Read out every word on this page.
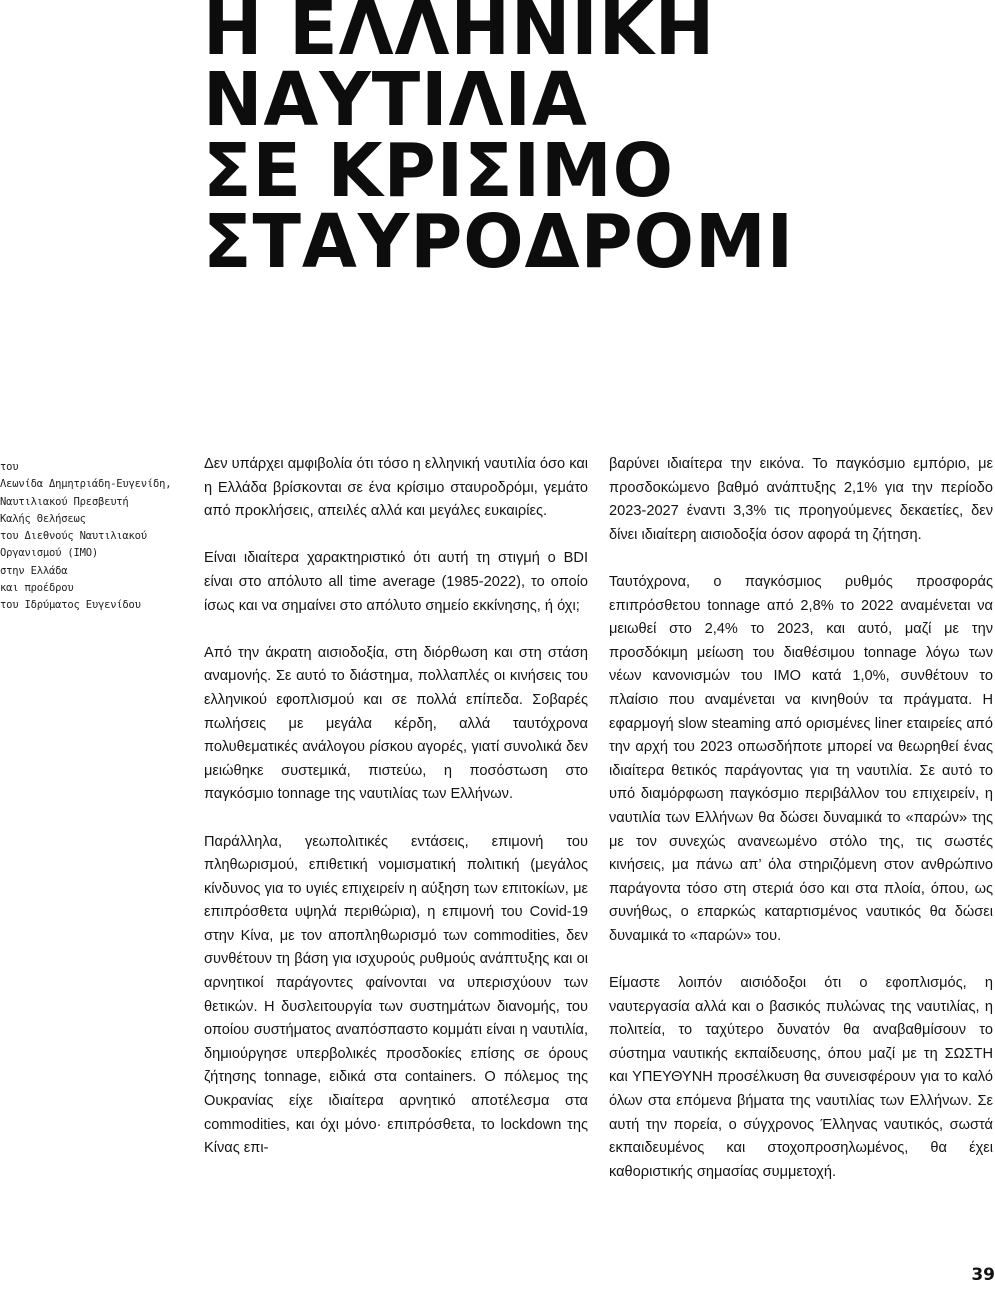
Η ΕΛΛΗΝΙΚΗ
ΝΑΥΤΙΛΙΑ
ΣΕ ΚΡΙΣΙΜΟ
ΣΤΑΥΡΟΔΡΟΜΙ
του
Λεωνίδα Δημητριάδη-Ευγενίδη,
Ναυτιλιακού Πρεσβευτή
Καλής Θελήσεως
του Διεθνούς Ναυτιλιακού
Οργανισμού (IMO)
στην Ελλάδα
και προέδρου
του Ιδρύματος Ευγενίδου

Δεν υπάρχει αμφιβολία ότι τόσο η ελληνική ναυτιλία όσο και η Ελλάδα βρίσκονται σε ένα κρίσιμο σταυροδρόμι, γεμάτο από προκλήσεις, απειλές αλλά και μεγάλες ευκαιρίες.

Είναι ιδιαίτερα χαρακτηριστικό ότι αυτή τη στιγμή ο BDI είναι στο απόλυτο all time average (1985-2022), το οποίο ίσως και να σημαίνει στο απόλυτο σημείο εκκίνησης, ή όχι;

Από την άκρατη αισιοδοξία, στη διόρθωση και στη στάση αναμονής. Σε αυτό το διάστημα, πολλαπλές οι κινήσεις του ελληνικού εφοπλισμού και σε πολλά επίπεδα. Σοβαρές πωλήσεις με μεγάλα κέρδη, αλλά ταυτόχρονα πολυθεματικές ανάλογου ρίσκου αγορές, γιατί συνολικά δεν μειώθηκε συστεμικά, πιστεύω, η ποσόστωση στο παγκόσμιο tonnage της ναυτιλίας των Ελλήνων.

Παράλληλα, γεωπολιτικές εντάσεις, επιμονή του πληθωρισμού, επιθετική νομισματική πολιτική (μεγάλος κίνδυνος για το υγιές επιχειρείν η αύξηση των επιτοκίων, με επιπρόσθετα υψηλά περιθώρια), η επιμονή του Covid-19 στην Κίνα, με τον αποπληθωρισμό των commodities, δεν συνθέτουν τη βάση για ισχυρούς ρυθμούς ανάπτυξης και οι αρνητικοί παράγοντες φαίνονται να υπερισχύουν των θετικών. Η δυσλειτουργία των συστημάτων διανομής, του οποίου συστήματος αναπόσπαστο κομμάτι είναι η ναυτιλία, δημιούργησε υπερβολικές προσδοκίες επίσης σε όρους ζήτησης tonnage, ειδικά στα containers. Ο πόλεμος της Ουκρανίας είχε ιδιαίτερα αρνητικό αποτέλεσμα στα commodities, και όχι μόνο· επιπρόσθετα, το lockdown της Κίνας επι-

βαρύνει ιδιαίτερα την εικόνα. Το παγκόσμιο εμπόριο, με προσδοκώμενο βαθμό ανάπτυξης 2,1% για την περίοδο 2023-2027 έναντι 3,3% τις προηγούμενες δεκαετίες, δεν δίνει ιδιαίτερη αισιοδοξία όσον αφορά τη ζήτηση.

Ταυτόχρονα, ο παγκόσμιος ρυθμός προσφοράς επιπρόσθετου tonnage από 2,8% το 2022 αναμένεται να μειωθεί στο 2,4% το 2023, και αυτό, μαζί με την προσδόκιμη μείωση του διαθέσιμου tonnage λόγω των νέων κανονισμών του IMO κατά 1,0%, συνθέτουν το πλαίσιο που αναμένεται να κινηθούν τα πράγματα. Η εφαρμογή slow steaming από ορισμένες liner εταιρείες από την αρχή του 2023 οπωσδήποτε μπορεί να θεωρηθεί ένας ιδιαίτερα θετικός παράγοντας για τη ναυτιλία. Σε αυτό το υπό διαμόρφωση παγκόσμιο περιβάλλον του επιχειρείν, η ναυτιλία των Ελλήνων θα δώσει δυναμικά το «παρών» της με τον συνεχώς ανανεωμένο στόλο της, τις σωστές κινήσεις, μα πάνω απ’ όλα στηριζόμενη στον ανθρώπινο παράγοντα τόσο στη στεριά όσο και στα πλοία, όπου, ως συνήθως, ο επαρκώς καταρτισμένος ναυτικός θα δώσει δυναμικά το «παρών» του.

Είμαστε λοιπόν αισιόδοξοι ότι ο εφοπλισμός, η ναυτεργασία αλλά και ο βασικός πυλώνας της ναυτιλίας, η πολιτεία, το ταχύτερο δυνατόν θα αναβαθμίσουν το σύστημα ναυτικής εκπαίδευσης, όπου μαζί με τη ΣΩΣΤΗ και ΥΠΕΥΘΥΝΗ προσέλκυση θα συνεισφέρουν για το καλό όλων στα επόμενα βήματα της ναυτιλίας των Ελλήνων. Σε αυτή την πορεία, ο σύγχρονος Έλληνας ναυτικός, σωστά εκπαιδευμένος και στοχοπροσηλωμένος, θα έχει καθοριστικής σημασίας συμμετοχή.

39
